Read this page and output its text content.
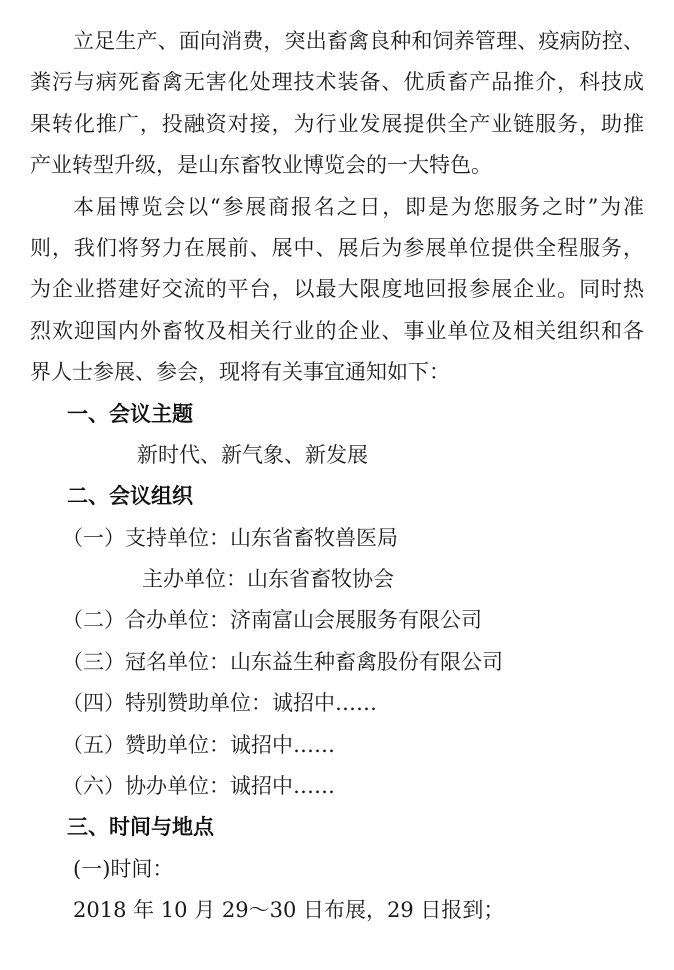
立足生产、面向消费，突出畜禽良种和饲养管理、疫病防控、
粪污与病死畜禽无害化处理技术装备、优质畜产品推介，科技成
果转化推广，投融资对接，为行业发展提供全产业链服务，助推
产业转型升级，是山东畜牧业博览会的一大特色。
本届博览会以“参展商报名之日，即是为您服务之时”为准
则，我们将努力在展前、展中、展后为参展单位提供全程服务，
为企业搭建好交流的平台，以最大限度地回报参展企业。同时热
烈欢迎国内外畜牧及相关行业的企业、事业单位及相关组织和各
界人士参展、参会，现将有关事宜通知如下：
一、会议主题
新时代、新气象、新发展
二、会议组织
（一）支持单位：山东省畜牧兽医局
主办单位：山东省畜牧协会
（二）合办单位：济南富山会展服务有限公司
（三）冠名单位：山东益生种畜禽股份有限公司
（四）特别赞助单位：诚招中……
（五）赞助单位：诚招中……
（六）协办单位：诚招中……
三、时间与地点
(一)时间：
2018 年 10 月 29～30 日布展，29 日报到；
